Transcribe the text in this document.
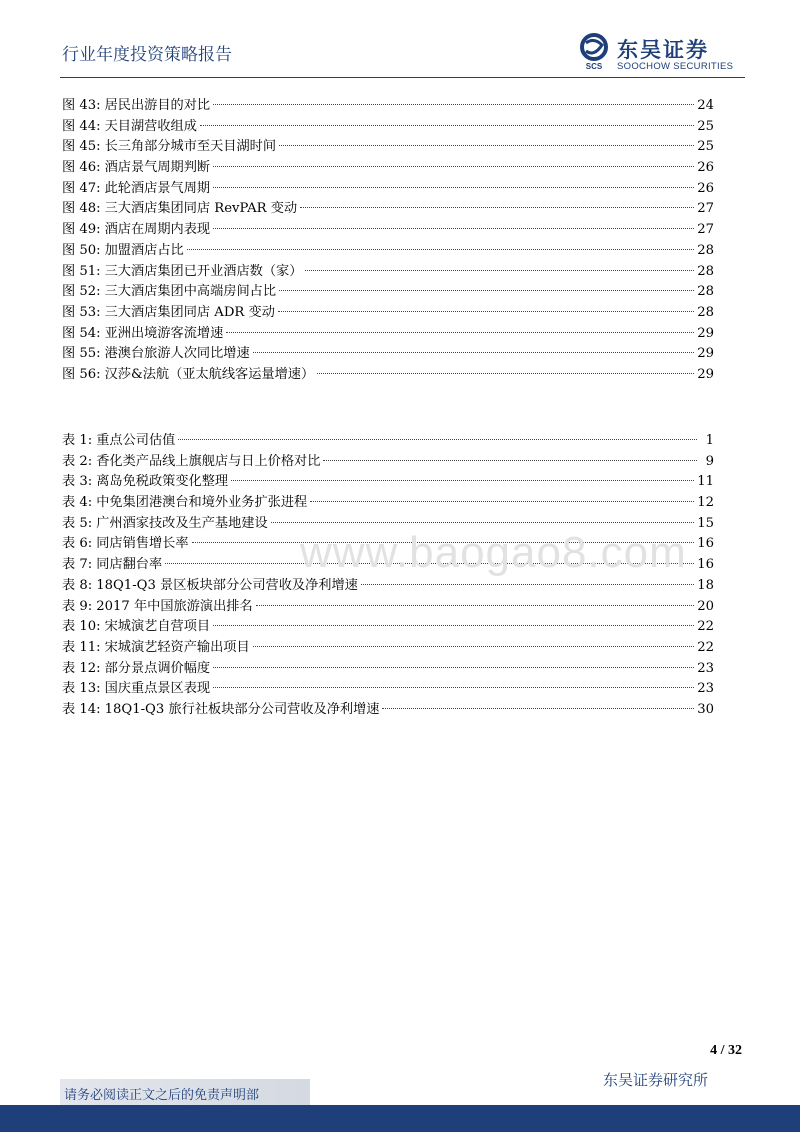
行业年度投资策略报告
SCS
东吴证券
SOOCHOW SECURITIES
图 43: 居民出游目的对比	24
图 44: 天目湖营收组成	25
图 45: 长三角部分城市至天目湖时间	25
图 46: 酒店景气周期判断	26
图 47: 此轮酒店景气周期	26
图 48: 三大酒店集团同店 RevPAR 变动	27
图 49: 酒店在周期内表现	27
图 50: 加盟酒店占比	28
图 51: 三大酒店集团已开业酒店数（家）	28
图 52: 三大酒店集团中高端房间占比	28
图 53: 三大酒店集团同店 ADR 变动	28
图 54: 亚洲出境游客流增速	29
图 55: 港澳台旅游人次同比增速	29
图 56: 汉莎&法航（亚太航线客运量增速）	29
表 1: 重点公司估值	1
表 2: 香化类产品线上旗舰店与日上价格对比	9
表 3: 离岛免税政策变化整理	11
表 4: 中免集团港澳台和境外业务扩张进程	12
表 5: 广州酒家技改及生产基地建设	15
表 6: 同店销售增长率	16
表 7: 同店翻台率	16
表 8: 18Q1-Q3 景区板块部分公司营收及净利增速	18
表 9: 2017 年中国旅游演出排名	20
表 10: 宋城演艺自营项目	22
表 11: 宋城演艺轻资产输出项目	22
表 12: 部分景点调价幅度	23
表 13: 国庆重点景区表现	23
表 14: 18Q1-Q3 旅行社板块部分公司营收及净利增速	30
www.baogao8.com
4 / 32
请务必阅读正文之后的免责声明部
东吴证券研究所
